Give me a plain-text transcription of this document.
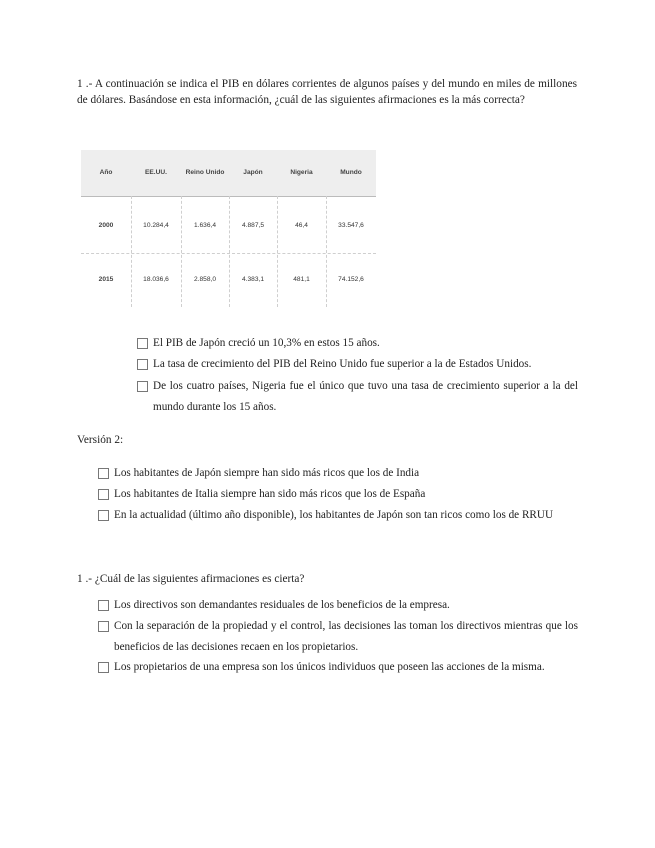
1 .- A continuación se indica el PIB en dólares corrientes de algunos países y del mundo en miles de millones de dólares. Basándose en esta información, ¿cuál de las siguientes afirmaciones es la más correcta?

Año	EE.UU.	Reino Unido	Japón	Nigeria	Mundo
2000	10.284,4	1.636,4	4.887,5	46,4	33.547,6
2015	18.036,6	2.858,0	4.383,1	481,1	74.152,6
El PIB de Japón creció un 10,3% en estos 15 años.
La tasa de crecimiento del PIB del Reino Unido fue superior a la de Estados Unidos.
De los cuatro países, Nigeria fue el único que tuvo una tasa de crecimiento superior a la del mundo durante los 15 años.

Versión 2:

Los habitantes de Japón siempre han sido más ricos que los de India
Los habitantes de Italia siempre han sido más ricos que los de España
En la actualidad (último año disponible), los habitantes de Japón son tan ricos como los de RRUU

1 .- ¿Cuál de las siguientes afirmaciones es cierta?

Los directivos son demandantes residuales de los beneficios de la empresa.
Con la separación de la propiedad y el control, las decisiones las toman los directivos mientras que los beneficios de las decisiones recaen en los propietarios.
Los propietarios de una empresa son los únicos individuos que poseen las acciones de la misma.
